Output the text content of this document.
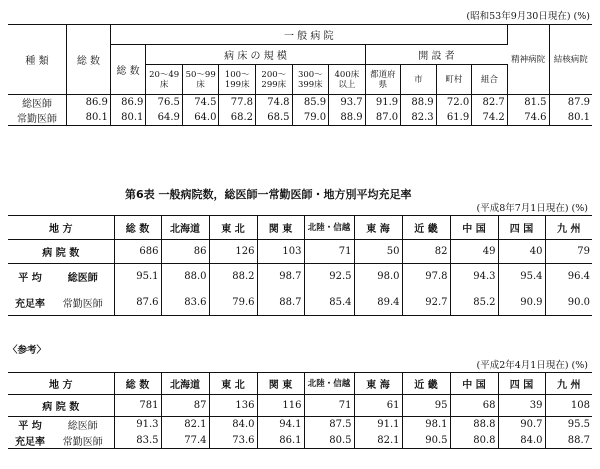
(昭和53年9月30日現在) (%)
種 類	総 数	一 般 病 院											精神病院	結核病院
		総 数	病 床 の 規 模						開 設 者					
			20～49床	50～99床	100～199床	200～299床	300～399床	400床以上	都道府県	市	町村	組合		
総医師	86.9	86.9	76.5	74.5	77.8	74.8	85.9	93.7	91.9	88.9	72.0	82.7	81.5	87.9
常勤医師	80.1	80.1	64.9	64.0	68.2	68.5	79.0	88.9	87.0	82.3	61.9	74.2	74.6	80.1
第6表 一般病院数，総医師一常勤医師・地方別平均充足率
(平成8年7月1日現在) (%)
地 方		総 数	北海道	東 北	関 東	北陸・信越	東 海	近 畿	中 国	四 国	九 州
病 院 数		686	86	126	103	71	50	82	49	40	79
平 均	総医師	95.1	88.0	88.2	98.7	92.5	98.0	97.8	94.3	95.4	96.4
充足率	常勤医師	87.6	83.6	79.6	88.7	85.4	89.4	92.7	85.2	90.9	90.0
〈参考〉
(平成2年4月1日現在) (%)
地 方		総 数	北海道	東 北	関 東	北陸・信越	東 海	近 畿	中 国	四 国	九 州
病 院 数		781	87	136	116	71	61	95	68	39	108
平 均	総医師	91.3	82.1	84.0	94.1	87.5	91.1	98.1	88.8	90.7	95.5
充足率	常勤医師	83.5	77.4	73.6	86.1	80.5	82.1	90.5	80.8	84.0	88.7
